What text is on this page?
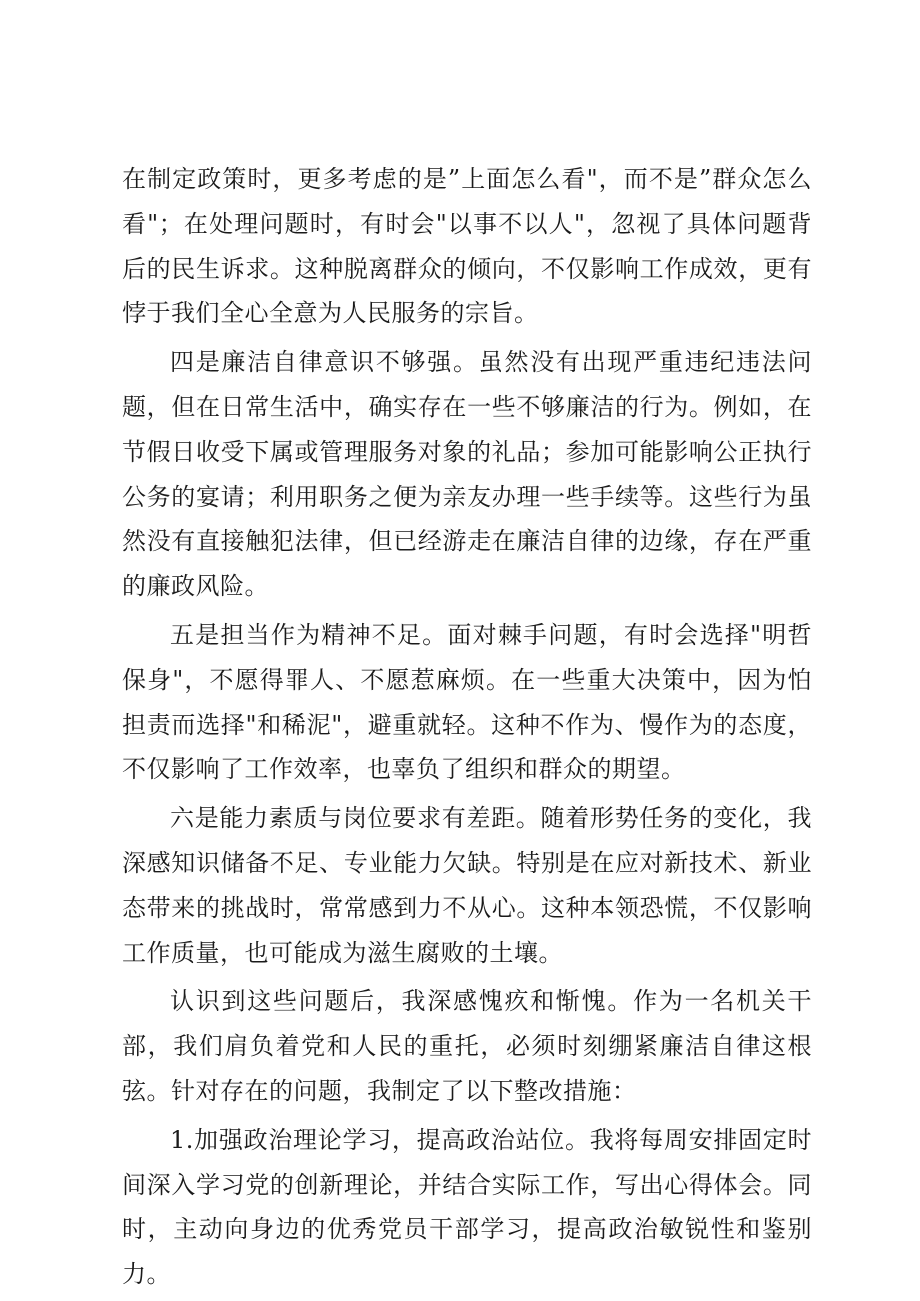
在制定政策时，更多考虑的是”上面怎么看"，而不是”群众怎么看"；在处理问题时，有时会"以事不以人"，忽视了具体问题背后的民生诉求。这种脱离群众的倾向，不仅影响工作成效，更有悖于我们全心全意为人民服务的宗旨。

四是廉洁自律意识不够强。虽然没有出现严重违纪违法问题，但在日常生活中，确实存在一些不够廉洁的行为。例如，在节假日收受下属或管理服务对象的礼品；参加可能影响公正执行公务的宴请；利用职务之便为亲友办理一些手续等。这些行为虽然没有直接触犯法律，但已经游走在廉洁自律的边缘，存在严重的廉政风险。

五是担当作为精神不足。面对棘手问题，有时会选择"明哲保身"，不愿得罪人、不愿惹麻烦。在一些重大决策中，因为怕担责而选择"和稀泥"，避重就轻。这种不作为、慢作为的态度，不仅影响了工作效率，也辜负了组织和群众的期望。

六是能力素质与岗位要求有差距。随着形势任务的变化，我深感知识储备不足、专业能力欠缺。特别是在应对新技术、新业态带来的挑战时，常常感到力不从心。这种本领恐慌，不仅影响工作质量，也可能成为滋生腐败的土壤。

认识到这些问题后，我深感愧疚和惭愧。作为一名机关干部，我们肩负着党和人民的重托，必须时刻绷紧廉洁自律这根弦。针对存在的问题，我制定了以下整改措施：

1.加强政治理论学习，提高政治站位。我将每周安排固定时间深入学习党的创新理论，并结合实际工作，写出心得体会。同时，主动向身边的优秀党员干部学习，提高政治敏锐性和鉴别力。
